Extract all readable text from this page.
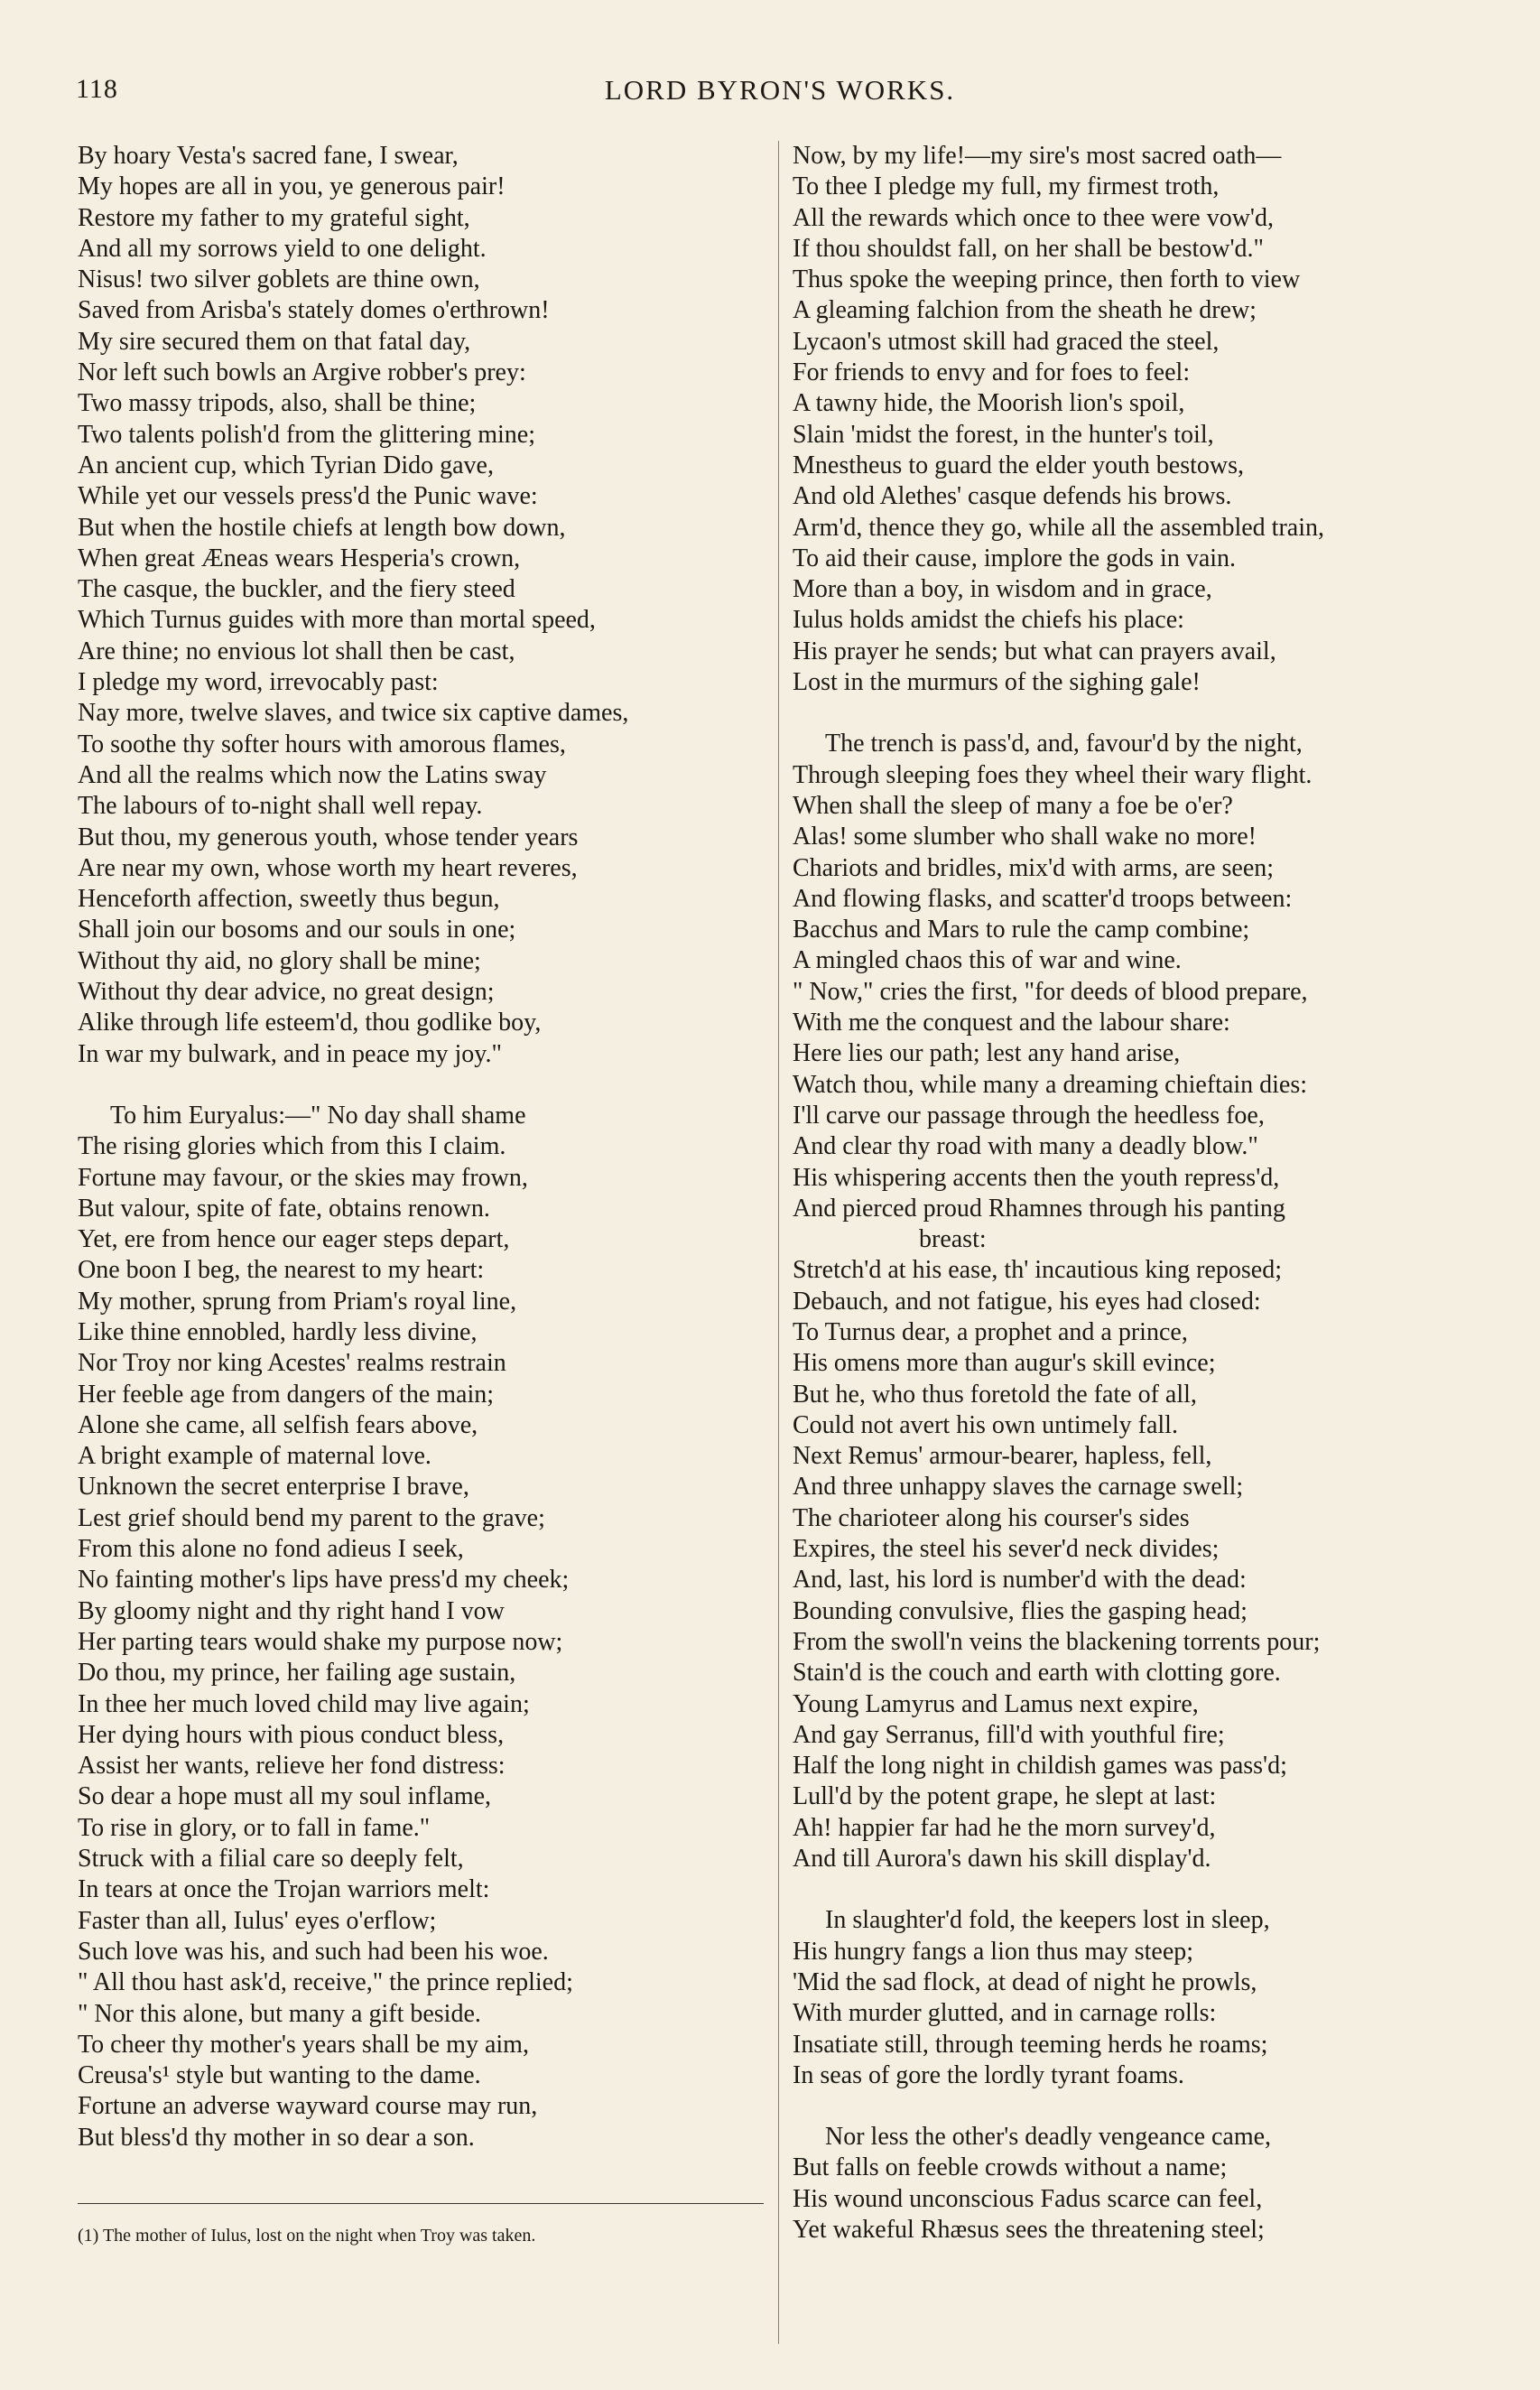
118	LORD BYRON'S WORKS.
By hoary Vesta's sacred fane, I swear,
My hopes are all in you, ye generous pair!
Restore my father to my grateful sight,
And all my sorrows yield to one delight.
Nisus! two silver goblets are thine own,
Saved from Arisba's stately domes o'erthrown!
My sire secured them on that fatal day,
Nor left such bowls an Argive robber's prey:
Two massy tripods, also, shall be thine;
Two talents polish'd from the glittering mine;
An ancient cup, which Tyrian Dido gave,
While yet our vessels press'd the Punic wave:
But when the hostile chiefs at length bow down,
When great Æneas wears Hesperia's crown,
The casque, the buckler, and the fiery steed
Which Turnus guides with more than mortal speed,
Are thine; no envious lot shall then be cast,
I pledge my word, irrevocably past:
Nay more, twelve slaves, and twice six captive dames,
To soothe thy softer hours with amorous flames,
And all the realms which now the Latins sway
The labours of to-night shall well repay.
But thou, my generous youth, whose tender years
Are near my own, whose worth my heart reveres,
Henceforth affection, sweetly thus begun,
Shall join our bosoms and our souls in one;
Without thy aid, no glory shall be mine;
Without thy dear advice, no great design;
Alike through life esteem'd, thou godlike boy,
In war my bulwark, and in peace my joy."
To him Euryalus:—" No day shall shame
The rising glories which from this I claim.
Fortune may favour, or the skies may frown,
But valour, spite of fate, obtains renown.
Yet, ere from hence our eager steps depart,
One boon I beg, the nearest to my heart:
My mother, sprung from Priam's royal line,
Like thine ennobled, hardly less divine,
Nor Troy nor king Acestes' realms restrain
Her feeble age from dangers of the main;
Alone she came, all selfish fears above,
A bright example of maternal love.
Unknown the secret enterprise I brave,
Lest grief should bend my parent to the grave;
From this alone no fond adieus I seek,
No fainting mother's lips have press'd my cheek;
By gloomy night and thy right hand I vow
Her parting tears would shake my purpose now;
Do thou, my prince, her failing age sustain,
In thee her much loved child may live again;
Her dying hours with pious conduct bless,
Assist her wants, relieve her fond distress:
So dear a hope must all my soul inflame,
To rise in glory, or to fall in fame."
Struck with a filial care so deeply felt,
In tears at once the Trojan warriors melt:
Faster than all, Iulus' eyes o'erflow;
Such love was his, and such had been his woe.
" All thou hast ask'd, receive," the prince replied;
" Nor this alone, but many a gift beside.
To cheer thy mother's years shall be my aim,
Creusa's¹ style but wanting to the dame.
Fortune an adverse wayward course may run,
But bless'd thy mother in so dear a son.
Now, by my life!—my sire's most sacred oath—
To thee I pledge my full, my firmest troth,
All the rewards which once to thee were vow'd,
If thou shouldst fall, on her shall be bestow'd."
Thus spoke the weeping prince, then forth to view
A gleaming falchion from the sheath he drew;
Lycaon's utmost skill had graced the steel,
For friends to envy and for foes to feel:
A tawny hide, the Moorish lion's spoil,
Slain 'midst the forest, in the hunter's toil,
Mnestheus to guard the elder youth bestows,
And old Alethes' casque defends his brows.
Arm'd, thence they go, while all the assembled train,
To aid their cause, implore the gods in vain.
More than a boy, in wisdom and in grace,
Iulus holds amidst the chiefs his place:
His prayer he sends; but what can prayers avail,
Lost in the murmurs of the sighing gale!
The trench is pass'd, and, favour'd by the night,
Through sleeping foes they wheel their wary flight.
When shall the sleep of many a foe be o'er?
Alas! some slumber who shall wake no more!
Chariots and bridles, mix'd with arms, are seen;
And flowing flasks, and scatter'd troops between:
Bacchus and Mars to rule the camp combine;
A mingled chaos this of war and wine.
" Now," cries the first, "for deeds of blood prepare,
With me the conquest and the labour share:
Here lies our path; lest any hand arise,
Watch thou, while many a dreaming chieftain dies:
I'll carve our passage through the heedless foe,
And clear thy road with many a deadly blow."
His whispering accents then the youth repress'd,
And pierced proud Rhamnes through his panting
breast:
Stretch'd at his ease, th' incautious king reposed;
Debauch, and not fatigue, his eyes had closed:
To Turnus dear, a prophet and a prince,
His omens more than augur's skill evince;
But he, who thus foretold the fate of all,
Could not avert his own untimely fall.
Next Remus' armour-bearer, hapless, fell,
And three unhappy slaves the carnage swell;
The charioteer along his courser's sides
Expires, the steel his sever'd neck divides;
And, last, his lord is number'd with the dead:
Bounding convulsive, flies the gasping head;
From the swoll'n veins the blackening torrents pour;
Stain'd is the couch and earth with clotting gore.
Young Lamyrus and Lamus next expire,
And gay Serranus, fill'd with youthful fire;
Half the long night in childish games was pass'd;
Lull'd by the potent grape, he slept at last:
Ah! happier far had he the morn survey'd,
And till Aurora's dawn his skill display'd.
In slaughter'd fold, the keepers lost in sleep,
His hungry fangs a lion thus may steep;
'Mid the sad flock, at dead of night he prowls,
With murder glutted, and in carnage rolls:
Insatiate still, through teeming herds he roams;
In seas of gore the lordly tyrant foams.
Nor less the other's deadly vengeance came,
But falls on feeble crowds without a name;
His wound unconscious Fadus scarce can feel,
Yet wakeful Rhæsus sees the threatening steel;
(1) The mother of Iulus, lost on the night when Troy was taken.
